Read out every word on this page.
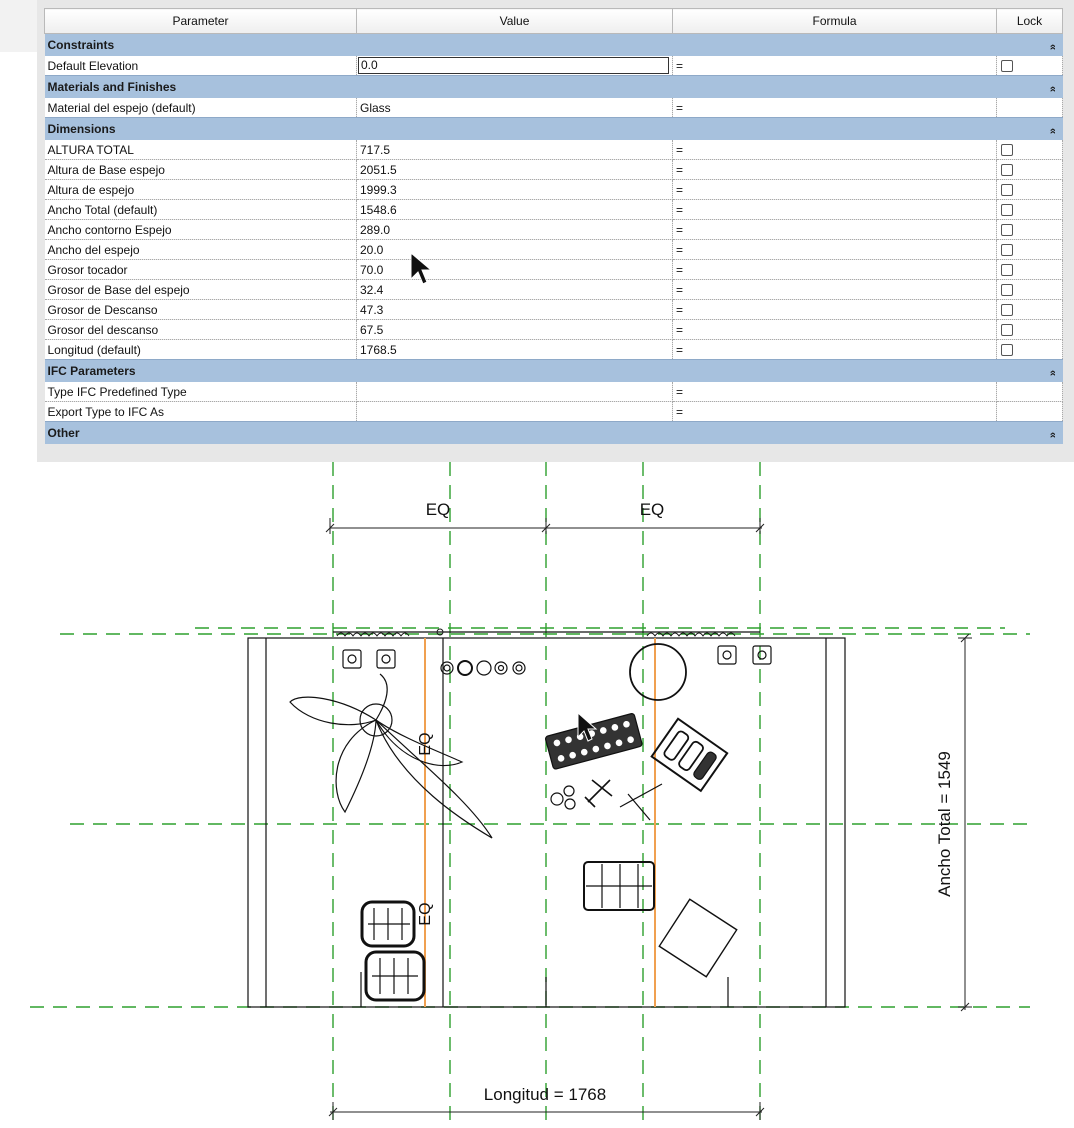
Parameter	Value	Formula	Lock
Constraints »			

Default Elevation	0.0	=	
Materials and Finishes »			

Material del espejo (default)	Glass	=	
Dimensions »			

ALTURA TOTAL	717.5	=	
Altura de Base espejo	2051.5	=	
Altura de espejo	1999.3	=	
Ancho Total (default)	1548.6	=	
Ancho contorno Espejo	289.0	=	
Ancho del espejo	20.0	=	
Grosor tocador	70.0	=	
Grosor de Base del espejo	32.4	=	
Grosor de Descanso	47.3	=	
Grosor del descanso	67.5	=	
Longitud (default)	1768.5	=	
IFC Parameters »			

Type IFC Predefined Type		=	
Export Type to IFC As		=	
Other »			
EQ	EQ
EQ
EQ
Ancho Total = 1549
Longitud = 1768
